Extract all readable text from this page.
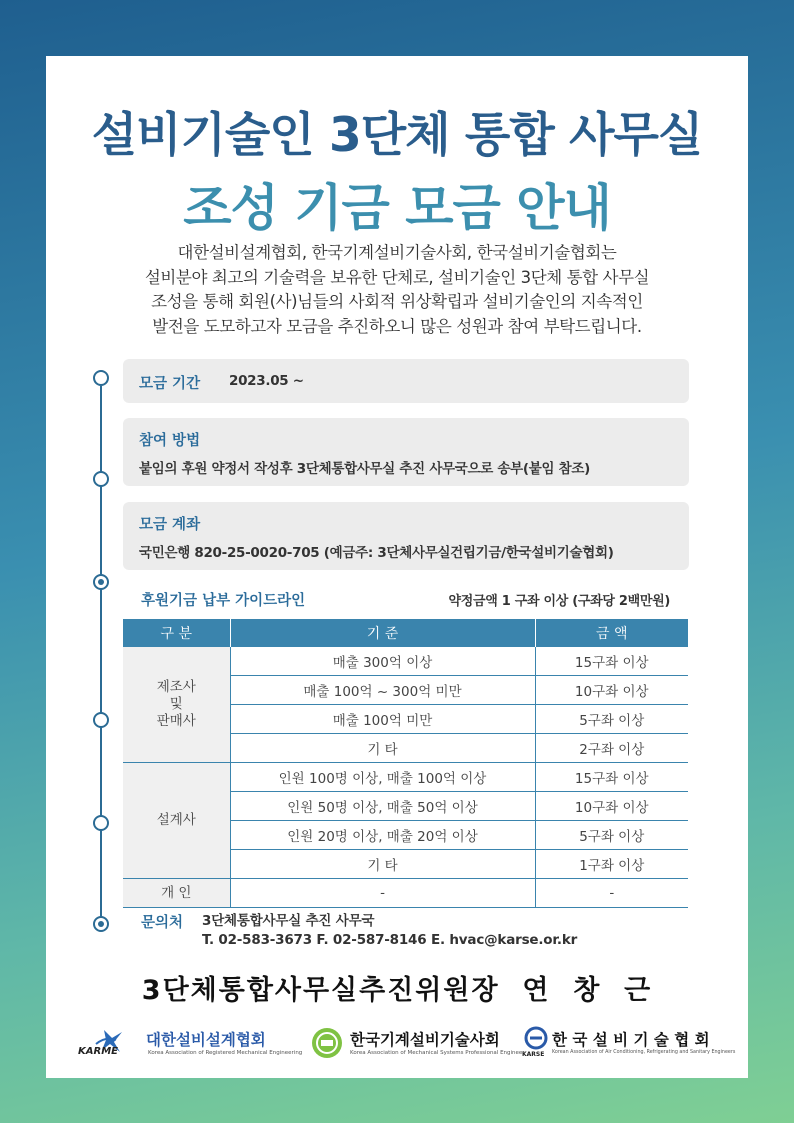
설비기술인 3단체 통합 사무실
조성 기금 모금 안내
대한설비설계협회, 한국기계설비기술사회, 한국설비기술협회는
설비분야 최고의 기술력을 보유한 단체로, 설비기술인 3단체 통합 사무실
조성을 통해 회원(사)님들의 사회적 위상확립과 설비기술인의 지속적인
발전을 도모하고자 모금을 추진하오니 많은 성원과 참여 부탁드립니다.
모금 기간 2023.05 ~
참여 방법
붙임의 후원 약정서 작성후 3단체통합사무실 추진 사무국으로 송부(붙임 참조)
모금 계좌
국민은행 820-25-0020-705 (예금주: 3단체사무실건립기금/한국설비기술협회)
후원기금 납부 가이드라인	약정금액 1 구좌 이상 (구좌당 2백만원)
구 분	기 준	금 액

제조사
및
판매사	매출 300억 이상	15구좌 이상
	매출 100억 ~ 300억 미만	10구좌 이상
	매출 100억 미만	5구좌 이상
	기 타	2구좌 이상

설계사	인원 100명 이상, 매출 100억 이상	15구좌 이상
	인원 50명 이상, 매출 50억 이상	10구좌 이상
	인원 20명 이상, 매출 20억 이상	5구좌 이상
	기 타	1구좌 이상
개 인	-	-
문의처 3단체통합사무실 추진 사무국
T. 02-583-3673 F. 02-587-8146 E. hvac@karse.or.kr
3단체통합사무실추진위원장  연  창  근
KARME
대한설비설계협회
Korea Association of Registered Mechanical Engineering
한국기계설비기술사회
Korea Association of Mechanical Systems Professional Engineer
KARSE
한 국 설 비 기 술 협 회
Korean Association of Air Conditioning, Refrigerating and Sanitary Engineers
